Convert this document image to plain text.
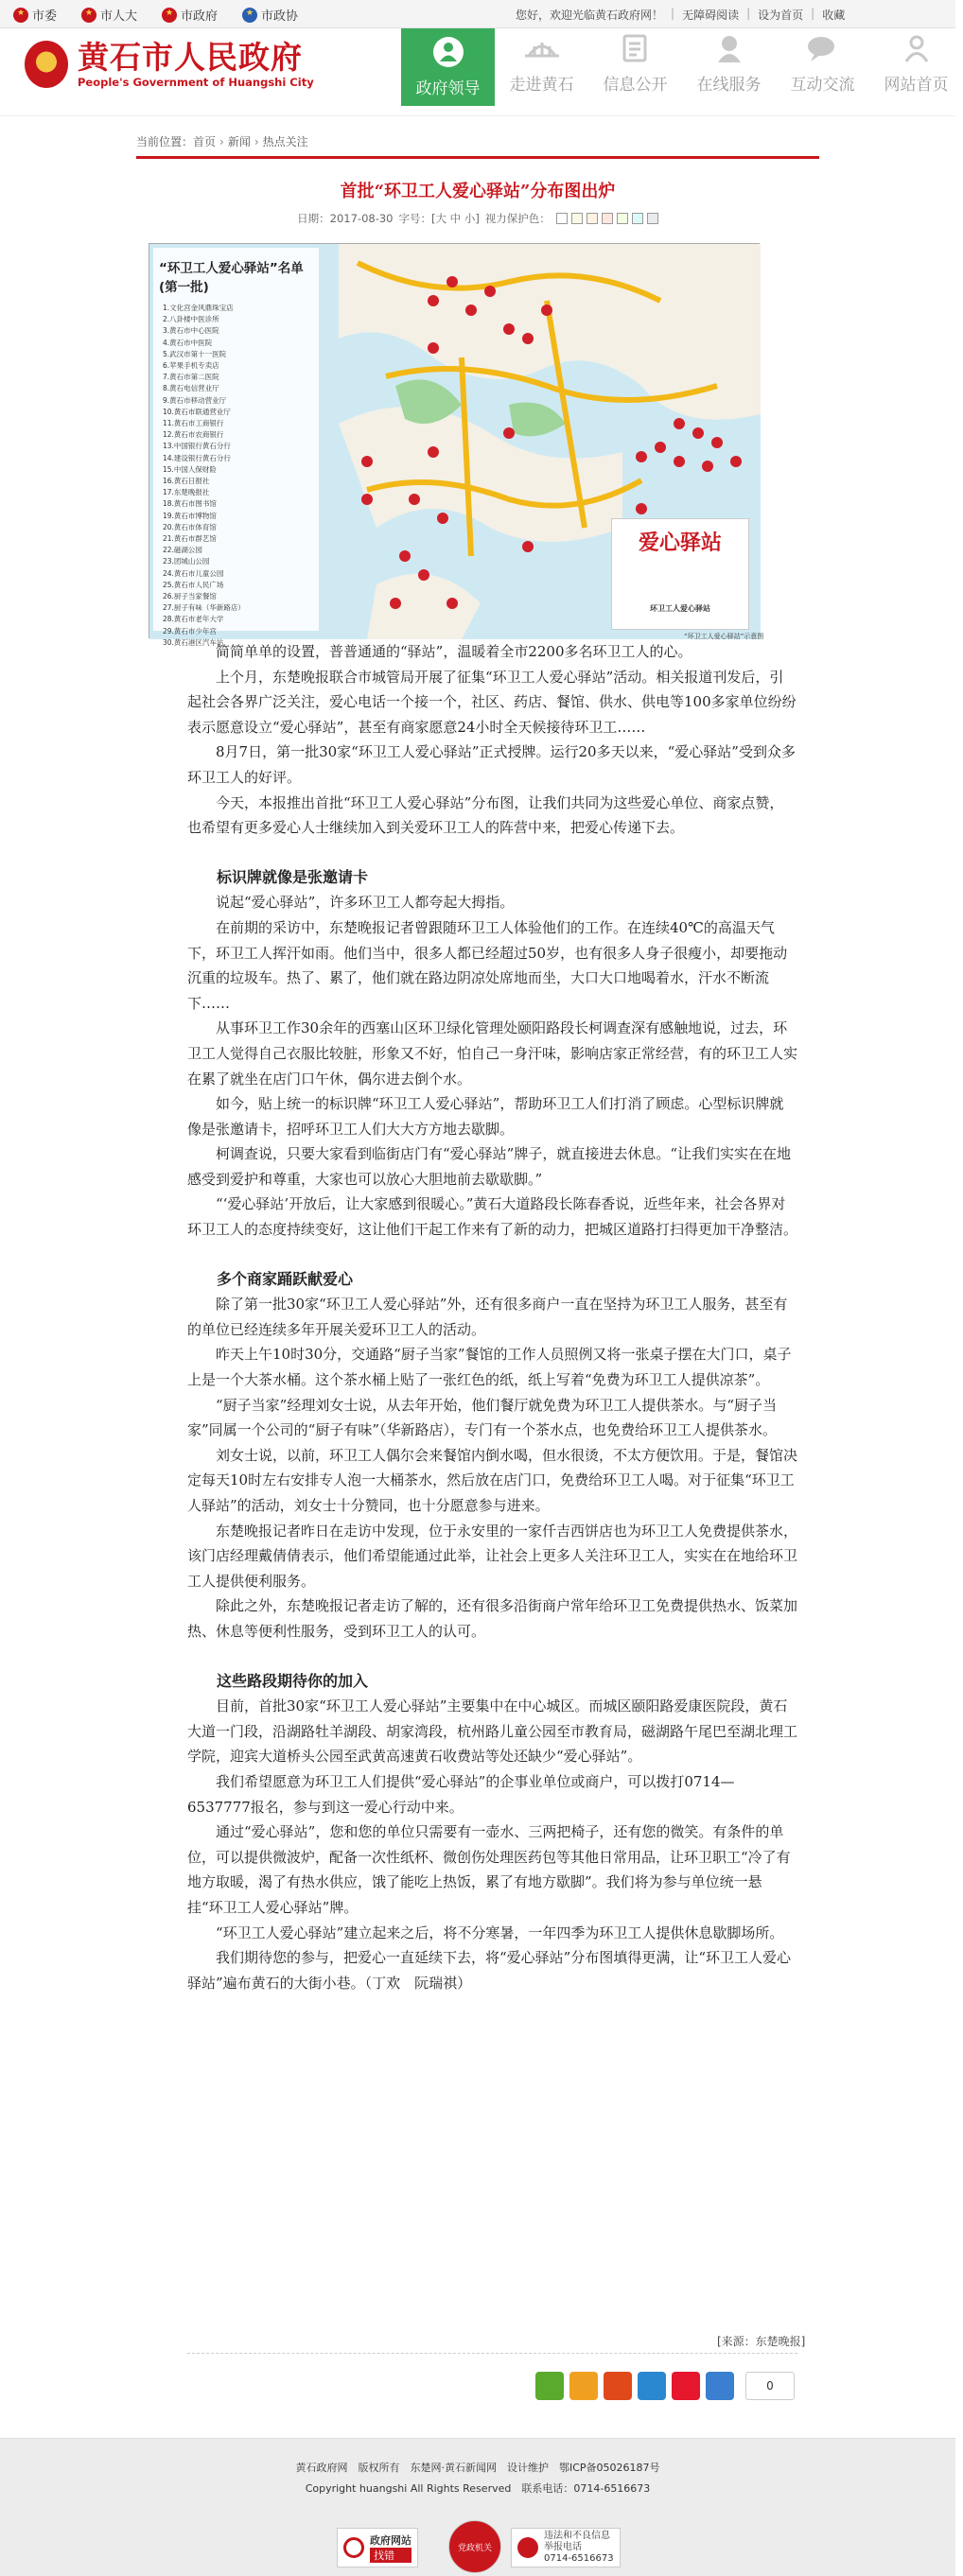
★
市委 ★	市人大 ★	市政府 ★	市政协	您好，欢迎光临黄石政府网！ | 无障碍阅读 | 设为首页 | 收藏
黄石市人民政府
People's Government of Huangshi City	政府领导 走进黄石 信息公开 在线服务 互动交流 网站首页
当前位置：首页 › 新闻 › 热点关注
首批“环卫工人爱心驿站”分布图出炉
日期：2017-08-30 字号：[大 中 小] 视力保护色：
“环卫工人爱心驿站”名单(第一批)
1.文化宫金风鼎珠宝店
2.八卦楼中医诊所
3.黄石市中心医院
4.黄石市中医院
5.武汉市第十一医院
6.苹果手机专卖店
7.黄石市第二医院
8.黄石电信营业厅
9.黄石市移动营业厅
10.黄石市联通营业厅
11.黄石市工商银行
12.黄石市农商银行
13.中国银行黄石分行
14.建设银行黄石分行
15.中国人保财险
16.黄石日报社
17.东楚晚报社
18.黄石市图书馆
19.黄石市博物馆
20.黄石市体育馆
21.黄石市群艺馆
22.磁湖公园
23.团城山公园
24.黄石市儿童公园
25.黄石市人民广场
26.厨子当家餐馆
27.厨子有味（华新路店）
28.黄石市老年大学
29.黄石市少年宫
30.黄石港区汽车站
爱心驿站
环卫工人爱心驿站
“环卫工人爱心驿站”示意图

　　简简单单的设置，普普通通的“驿站”，温暖着全市2200多名环卫工人的心。

　　上个月，东楚晚报联合市城管局开展了征集“环卫工人爱心驿站”活动。相关报道刊发后，引起社会各界广泛关注，爱心电话一个接一个，社区、药店、餐馆、供水、供电等100多家单位纷纷表示愿意设立“爱心驿站”，甚至有商家愿意24小时全天候接待环卫工……

　　8月7日，第一批30家“环卫工人爱心驿站”正式授牌。运行20多天以来，“爱心驿站”受到众多环卫工人的好评。

　　今天，本报推出首批“环卫工人爱心驿站”分布图，让我们共同为这些爱心单位、商家点赞，也希望有更多爱心人士继续加入到关爱环卫工人的阵营中来，把爱心传递下去。

　　标识牌就像是张邀请卡

　　说起“爱心驿站”，许多环卫工人都夸起大拇指。

　　在前期的采访中，东楚晚报记者曾跟随环卫工人体验他们的工作。在连续40℃的高温天气下，环卫工人挥汗如雨。他们当中，很多人都已经超过50岁，也有很多人身子很瘦小，却要拖动沉重的垃圾车。热了、累了，他们就在路边阴凉处席地而坐，大口大口地喝着水，汗水不断流下……

　　从事环卫工作30余年的西塞山区环卫绿化管理处颐阳路段长柯调查深有感触地说，过去，环卫工人觉得自己衣服比较脏，形象又不好，怕自己一身汗味，影响店家正常经营，有的环卫工人实在累了就坐在店门口午休，偶尔进去倒个水。

　　如今，贴上统一的标识牌“环卫工人爱心驿站”，帮助环卫工人们打消了顾虑。心型标识牌就像是张邀请卡，招呼环卫工人们大大方方地去歇脚。

　　柯调查说，只要大家看到临街店门有“爱心驿站”牌子，就直接进去休息。“让我们实实在在地感受到爱护和尊重，大家也可以放心大胆地前去歇歇脚。”

　　“‘爱心驿站’开放后，让大家感到很暖心。”黄石大道路段长陈春香说，近些年来，社会各界对环卫工人的态度持续变好，这让他们干起工作来有了新的动力，把城区道路打扫得更加干净整洁。

　　多个商家踊跃献爱心

　　除了第一批30家“环卫工人爱心驿站”外，还有很多商户一直在坚持为环卫工人服务，甚至有的单位已经连续多年开展关爱环卫工人的活动。

　　昨天上午10时30分，交通路“厨子当家”餐馆的工作人员照例又将一张桌子摆在大门口，桌子上是一个大茶水桶。这个茶水桶上贴了一张红色的纸，纸上写着“免费为环卫工人提供凉茶”。

　　“厨子当家”经理刘女士说，从去年开始，他们餐厅就免费为环卫工人提供茶水。与“厨子当家”同属一个公司的“厨子有味”（华新路店），专门有一个茶水点，也免费给环卫工人提供茶水。

　　刘女士说，以前，环卫工人偶尔会来餐馆内倒水喝，但水很烫，不太方便饮用。于是，餐馆决定每天10时左右安排专人泡一大桶茶水，然后放在店门口，免费给环卫工人喝。对于征集“环卫工人驿站”的活动，刘女士十分赞同，也十分愿意参与进来。

　　东楚晚报记者昨日在走访中发现，位于永安里的一家仟吉西饼店也为环卫工人免费提供茶水，该门店经理戴倩倩表示，他们希望能通过此举，让社会上更多人关注环卫工人，实实在在地给环卫工人提供便利服务。

　　除此之外，东楚晚报记者走访了解的，还有很多沿街商户常年给环卫工免费提供热水、饭菜加热、休息等便利性服务，受到环卫工人的认可。

　　这些路段期待你的加入

　　目前，首批30家“环卫工人爱心驿站”主要集中在中心城区。而城区颐阳路爱康医院段，黄石大道一门段，沿湖路牡羊湖段、胡家湾段，杭州路儿童公园至市教育局，磁湖路午尾巴至湖北理工学院，迎宾大道桥头公园至武黄高速黄石收费站等处还缺少“爱心驿站”。

　　我们希望愿意为环卫工人们提供“爱心驿站”的企事业单位或商户，可以拨打0714—6537777报名，参与到这一爱心行动中来。

　　通过“爱心驿站”，您和您的单位只需要有一壶水、三两把椅子，还有您的微笑。有条件的单位，可以提供微波炉，配备一次性纸杯、微创伤处理医药包等其他日常用品，让环卫职工“冷了有地方取暖，渴了有热水供应，饿了能吃上热饭，累了有地方歇脚”。我们将为参与单位统一悬挂“环卫工人爱心驿站”牌。

　　“环卫工人爱心驿站”建立起来之后，将不分寒暑，一年四季为环卫工人提供休息歇脚场所。

　　我们期待您的参与，把爱心一直延续下去，将“爱心驿站”分布图填得更满，让“环卫工人爱心驿站”遍布黄石的大街小巷。（丁欢　阮瑞祺）

[来源：东楚晚报]
0
黄石政府网　版权所有　东楚网·黄石新闻网　设计维护　鄂ICP备05026187号
Copyright huangshi All Rights Reserved　联系电话：0714-6516673
政府网站
找错
党政机关
违法和不良信息
举报电话
0714-6516673
